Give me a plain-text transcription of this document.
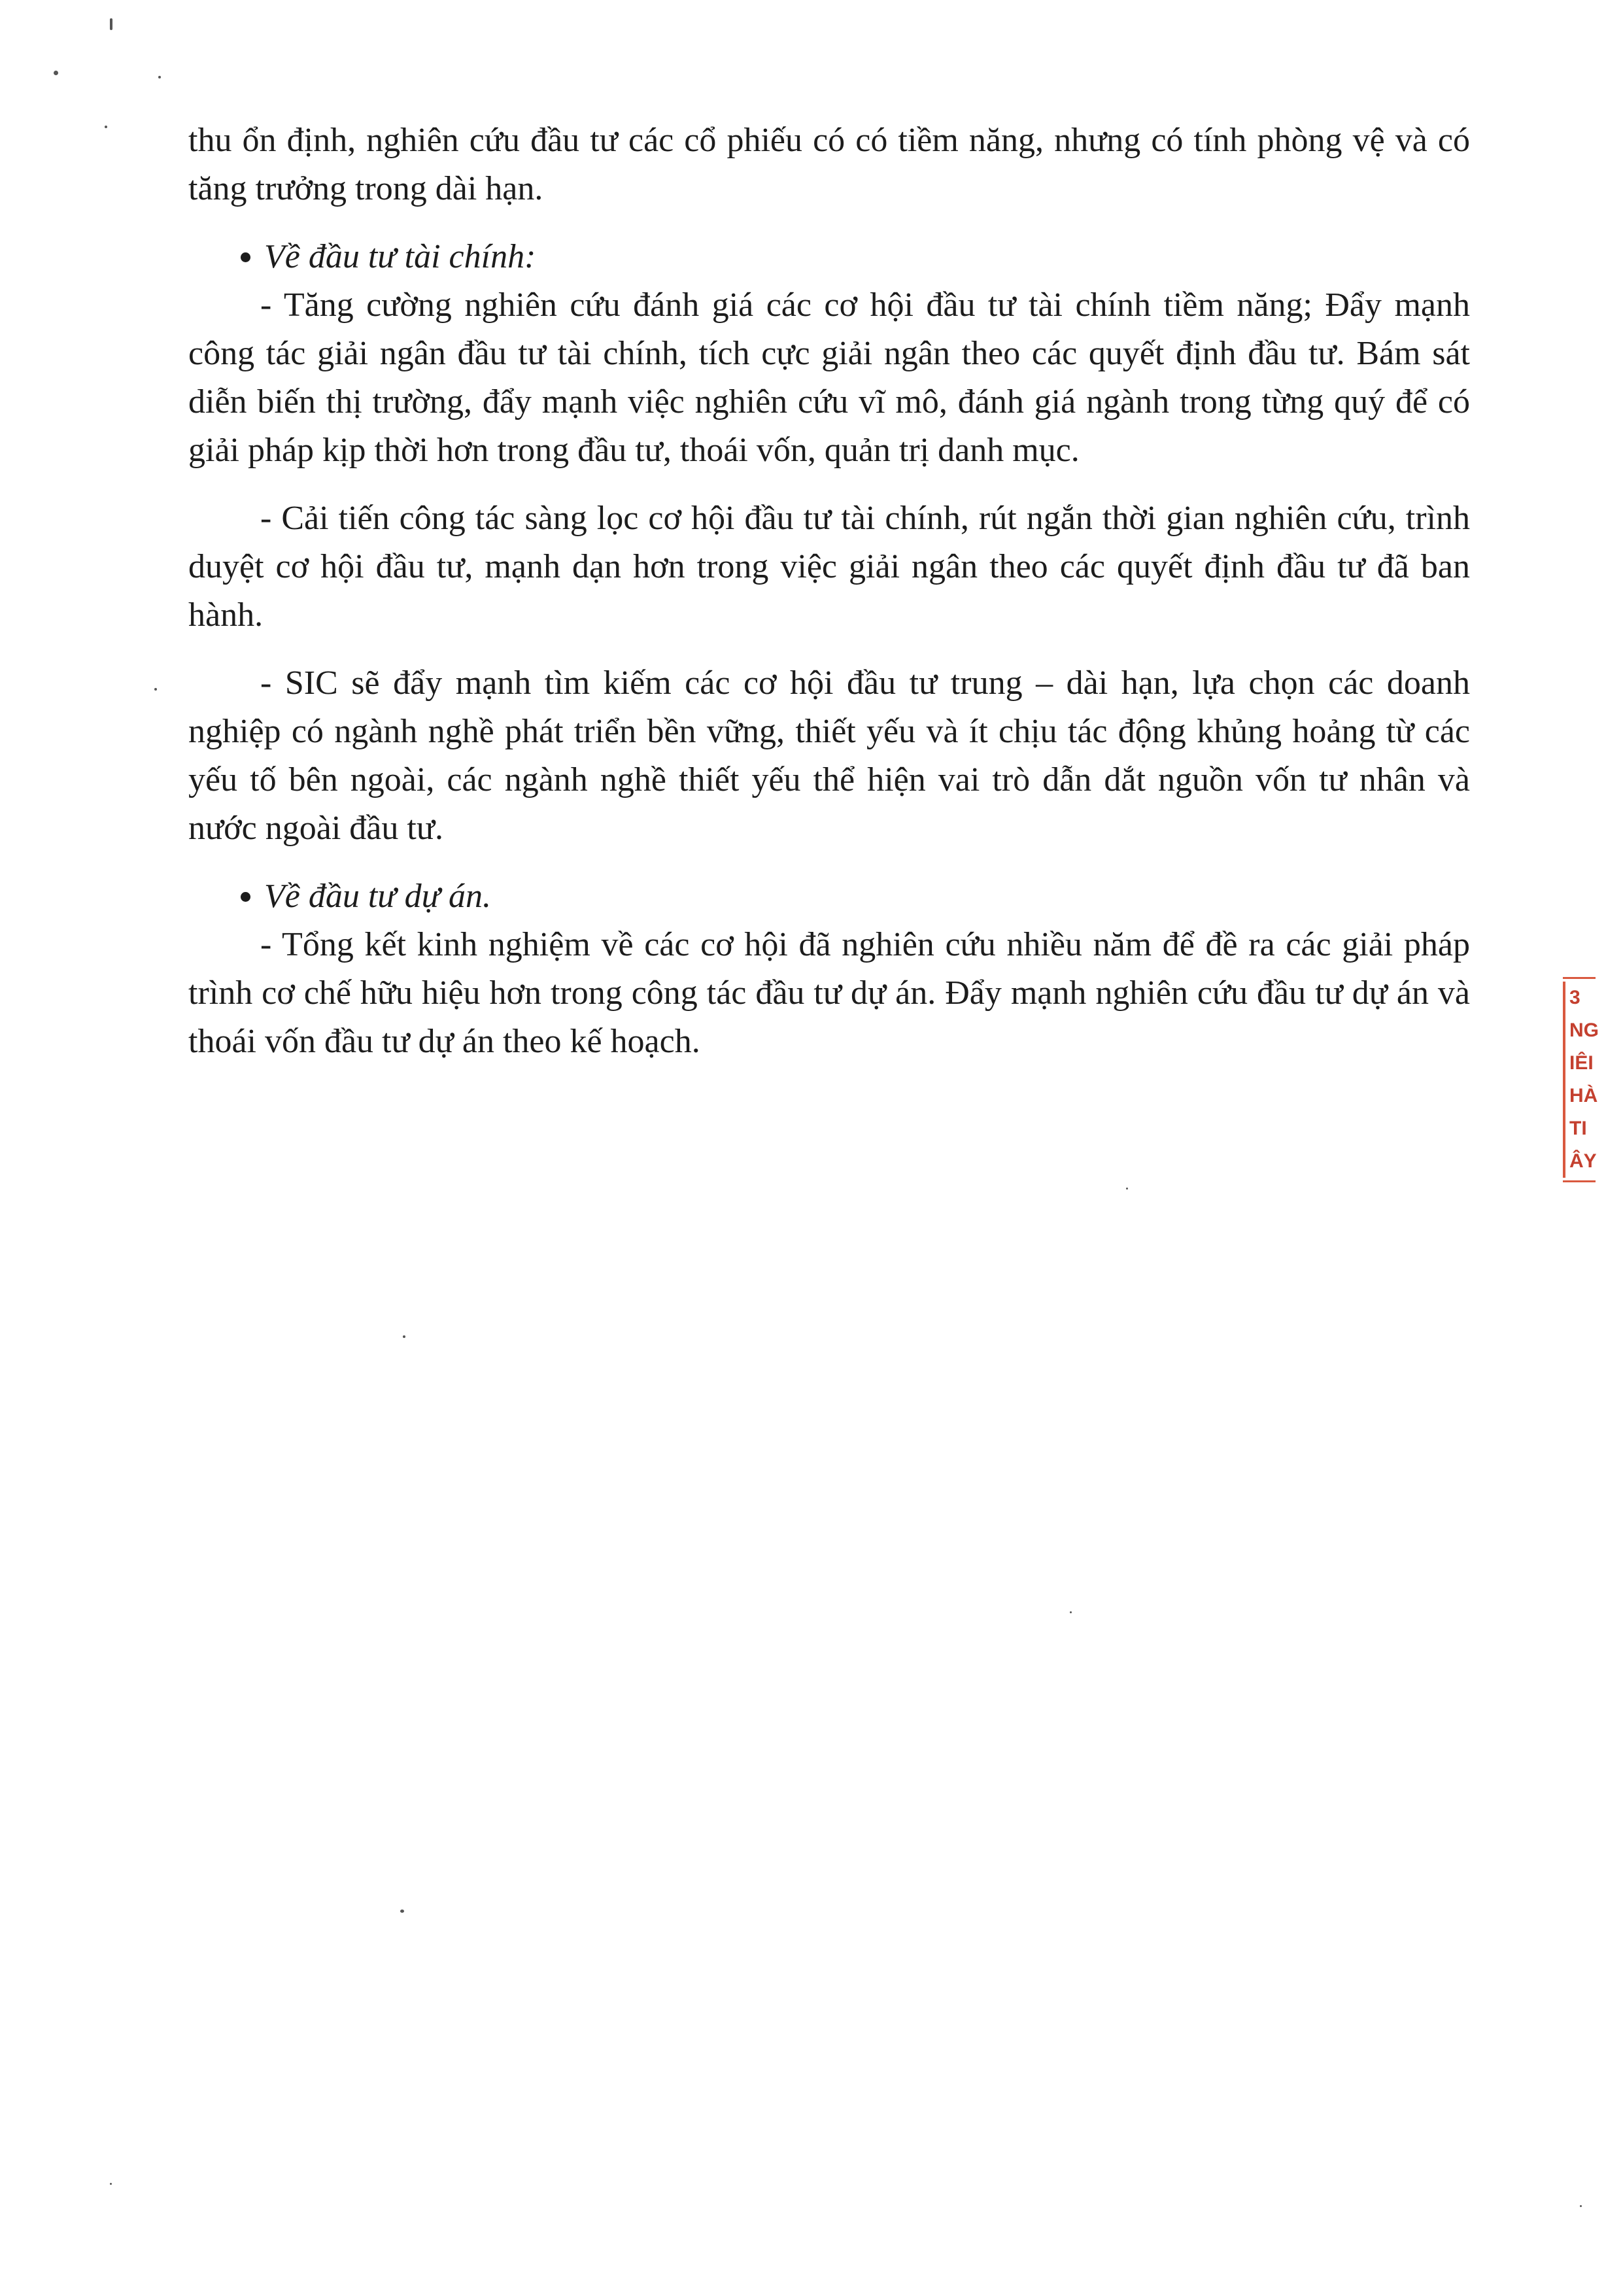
thu ổn định, nghiên cứu đầu tư các cổ phiếu có có tiềm năng, nhưng có tính phòng vệ và có tăng trưởng trong dài hạn.

Về đầu tư tài chính:

- Tăng cường nghiên cứu đánh giá các cơ hội đầu tư tài chính tiềm năng; Đẩy mạnh công tác giải ngân đầu tư tài chính, tích cực giải ngân theo các quyết định đầu tư. Bám sát diễn biến thị trường, đẩy mạnh việc nghiên cứu vĩ mô, đánh giá ngành trong từng quý để có giải pháp kịp thời hơn trong đầu tư, thoái vốn, quản trị danh mục.

- Cải tiến công tác sàng lọc cơ hội đầu tư tài chính, rút ngắn thời gian nghiên cứu, trình duyệt cơ hội đầu tư, mạnh dạn hơn trong việc giải ngân theo các quyết định đầu tư đã ban hành.

- SIC sẽ đẩy mạnh tìm kiếm các cơ hội đầu tư trung – dài hạn, lựa chọn các doanh nghiệp có ngành nghề phát triển bền vững, thiết yếu và ít chịu tác động khủng hoảng từ các yếu tố bên ngoài, các ngành nghề thiết yếu thể hiện vai trò dẫn dắt nguồn vốn tư nhân và nước ngoài đầu tư.

Về đầu tư dự án.

- Tổng kết kinh nghiệm về các cơ hội đã nghiên cứu nhiều năm để đề ra các giải pháp trình cơ chế hữu hiệu hơn trong công tác đầu tư dự án. Đẩy mạnh nghiên cứu đầu tư dự án và thoái vốn đầu tư dự án theo kế hoạch.

3
NG
IÊI
HÀ
TI
ÂY
